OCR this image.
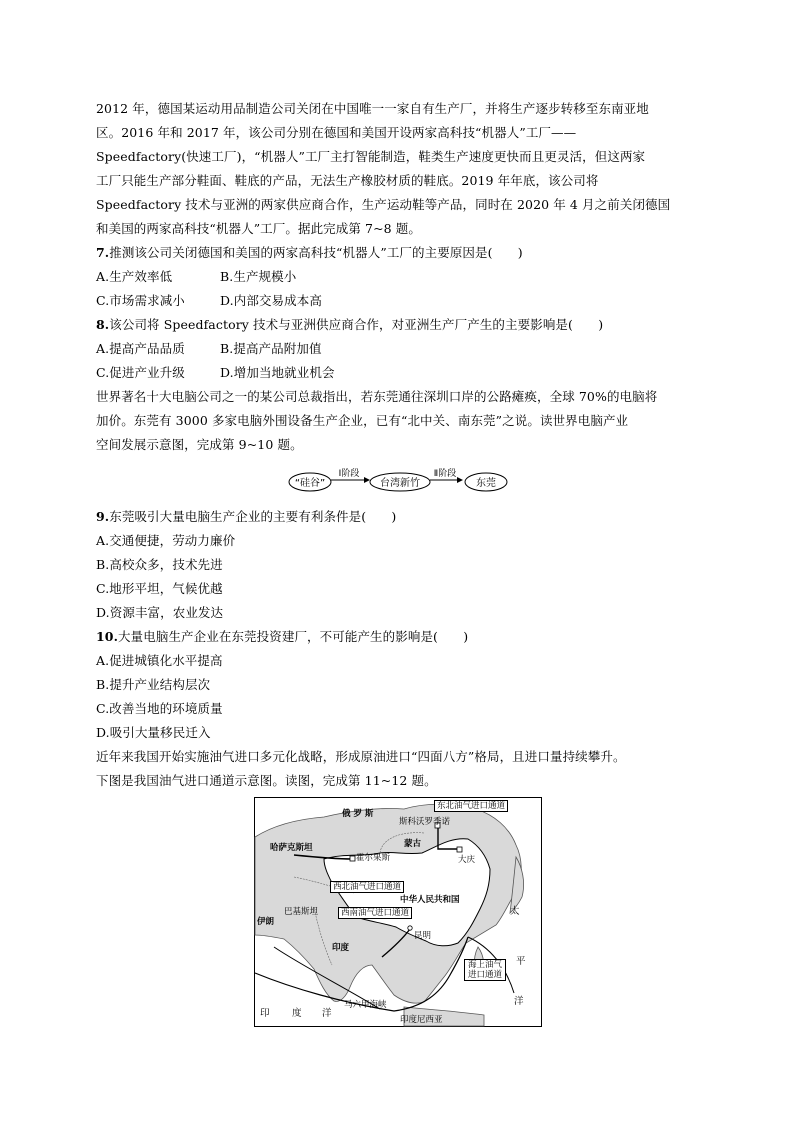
2012 年，德国某运动用品制造公司关闭在中国唯一一家自有生产厂，并将生产逐步转移至东南亚地
区。2016 年和 2017 年，该公司分别在德国和美国开设两家高科技“机器人”工厂——
Speedfactory(快速工厂)，“机器人”工厂主打智能制造，鞋类生产速度更快而且更灵活，但这两家
工厂只能生产部分鞋面、鞋底的产品，无法生产橡胶材质的鞋底。2019 年年底，该公司将
Speedfactory 技术与亚洲的两家供应商合作，生产运动鞋等产品，同时在 2020 年 4 月之前关闭德国
和美国的两家高科技“机器人”工厂。据此完成第 7~8 题。
7.推测该公司关闭德国和美国的两家高科技“机器人”工厂的主要原因是(　　)
A.生产效率低	B.生产规模小
C.市场需求减小	D.内部交易成本高
8.该公司将 Speedfactory 技术与亚洲供应商合作，对亚洲生产厂产生的主要影响是(　　)
A.提高产品品质	B.提高产品附加值
C.促进产业升级	D.增加当地就业机会
世界著名十大电脑公司之一的某公司总裁指出，若东莞通往深圳口岸的公路瘫痪，全球 70%的电脑将
加价。东莞有 3000 多家电脑外围设备生产企业，已有“北中关、南东莞”之说。读世界电脑产业
空间发展示意图，完成第 9~10 题。
“硅谷”
Ⅰ阶段
台湾新竹
Ⅱ阶段
东莞
9.东莞吸引大量电脑生产企业的主要有利条件是(　　)
A.交通便捷，劳动力廉价
B.高校众多，技术先进
C.地形平坦，气候优越
D.资源丰富，农业发达
10.大量电脑生产企业在东莞投资建厂，不可能产生的影响是(　　)
A.促进城镇化水平提高
B.提升产业结构层次
C.改善当地的环境质量
D.吸引大量移民迁入
近年来我国开始实施油气进口多元化战略，形成原油进口“四面八方”格局，且进口量持续攀升。
下图是我国油气进口通道示意图。读图，完成第 11~12 题。
俄 罗 斯
东北油气进口通道
斯科沃罗季诺
哈萨克斯坦	蒙古
大庆
霍尔果斯
西北油气进口通道
中华人民共和国
西南油气进口通道
伊朗
巴基斯坦
印度
昆明
海上油气进口通道
太
平
洋
印 度 洋
马六甲海峡
印度尼西亚
